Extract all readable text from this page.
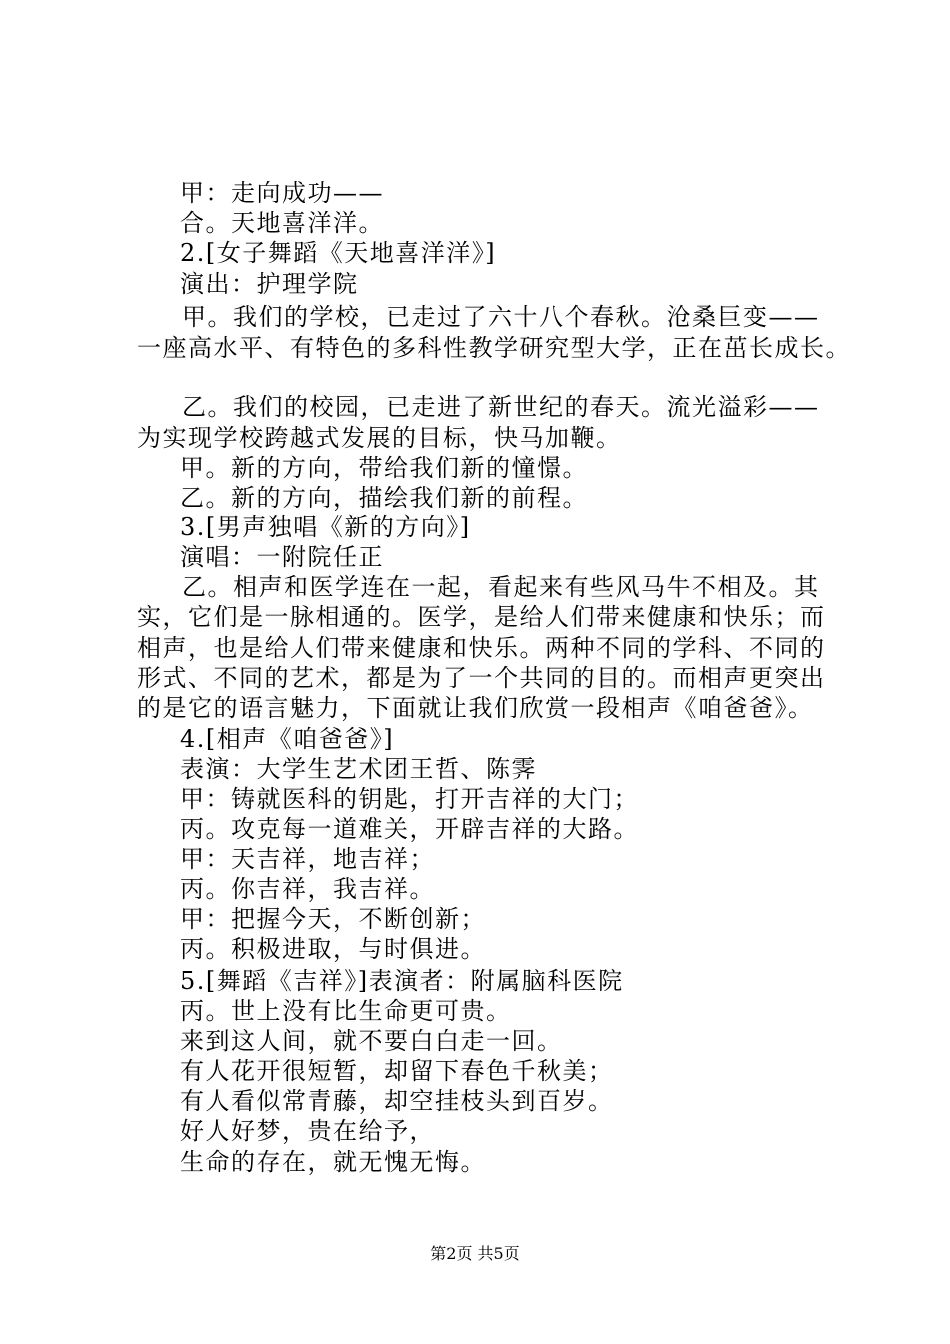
甲：走向成功——
合。天地喜洋洋。
2.[女子舞蹈《天地喜洋洋》]
演出：护理学院
甲。我们的学校，已走过了六十八个春秋。沧桑巨变——
一座高水平、有特色的多科性教学研究型大学，正在茁长成长。
乙。我们的校园，已走进了新世纪的春天。流光溢彩——
为实现学校跨越式发展的目标，快马加鞭。
甲。新的方向，带给我们新的憧憬。
乙。新的方向，描绘我们新的前程。
3.[男声独唱《新的方向》]
演唱：一附院任正
乙。相声和医学连在一起，看起来有些风马牛不相及。其
实，它们是一脉相通的。医学，是给人们带来健康和快乐；而
相声，也是给人们带来健康和快乐。两种不同的学科、不同的
形式、不同的艺术，都是为了一个共同的目的。而相声更突出
的是它的语言魅力，下面就让我们欣赏一段相声《咱爸爸》。
4.[相声《咱爸爸》]
表演：大学生艺术团王哲、陈霁
甲：铸就医科的钥匙，打开吉祥的大门；
丙。攻克每一道难关，开辟吉祥的大路。
甲：天吉祥，地吉祥；
丙。你吉祥，我吉祥。
甲：把握今天，不断创新；
丙。积极进取，与时俱进。
5.[舞蹈《吉祥》]表演者：附属脑科医院
丙。世上没有比生命更可贵。
来到这人间，就不要白白走一回。
有人花开很短暂，却留下春色千秋美；
有人看似常青藤，却空挂枝头到百岁。
好人好梦，贵在给予，
生命的存在，就无愧无悔。
第2页 共5页
